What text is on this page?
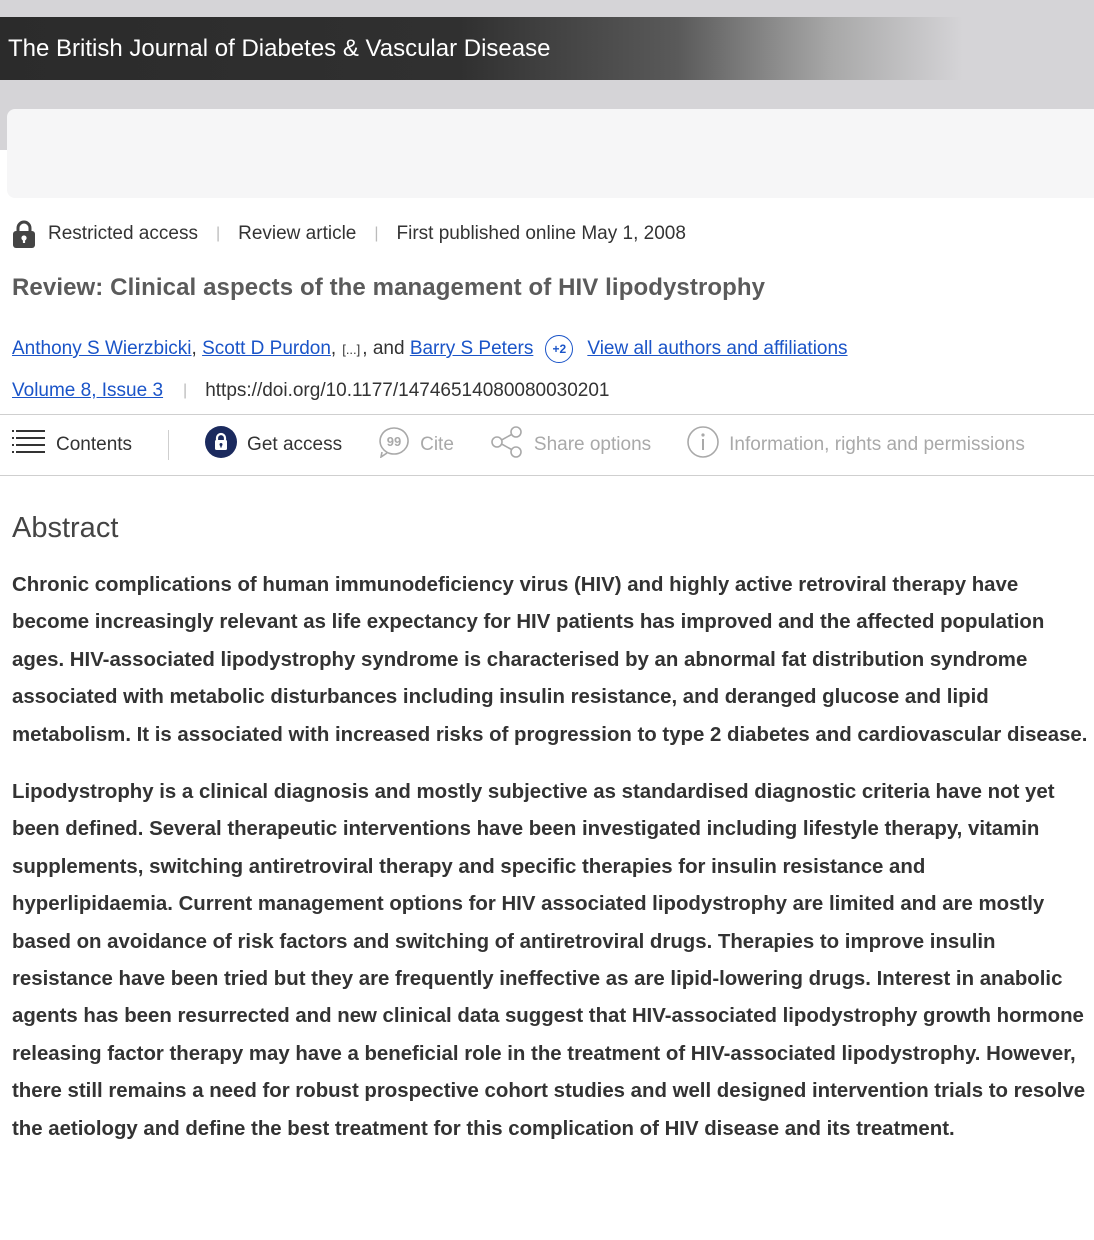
The British Journal of Diabetes & Vascular Disease
Restricted access | Review article | First published online May 1, 2008
Review: Clinical aspects of the management of HIV lipodystrophy
Anthony S Wierzbicki , Scott D Purdon , [...] , and
Barry S Peters	+2	View all authors and affiliations
Volume 8, Issue 3 | https://doi.org/10.1177/14746514080080030201
Contents	Get access	99 Cite	Share options	Information, rights and permissions
Abstract

Chronic complications of human immunodeficiency virus (HIV) and highly active retroviral therapy have become increasingly relevant as life expectancy for HIV patients has improved and the affected population ages. HIV-associated lipodystrophy syndrome is characterised by an abnormal fat distribution syndrome associated with metabolic disturbances including insulin resistance, and deranged glucose and lipid metabolism. It is associated with increased risks of progression to type 2 diabetes and cardiovascular disease.

Lipodystrophy is a clinical diagnosis and mostly subjective as standardised diagnostic criteria have not yet been defined. Several therapeutic interventions have been investigated including lifestyle therapy, vitamin supplements, switching antiretroviral therapy and specific therapies for insulin resistance and hyperlipidaemia. Current management options for HIV associated lipodystrophy are limited and are mostly based on avoidance of risk factors and switching of antiretroviral drugs. Therapies to improve insulin resistance have been tried but they are frequently ineffective as are lipid-lowering drugs. Interest in anabolic agents has been resurrected and new clinical data suggest that HIV-associated lipodystrophy growth hormone releasing factor therapy may have a beneficial role in the treatment of HIV-associated lipodystrophy. However, there still remains a need for robust prospective cohort studies and well designed intervention trials to resolve the aetiology and define the best treatment for this complication of HIV disease and its treatment.
